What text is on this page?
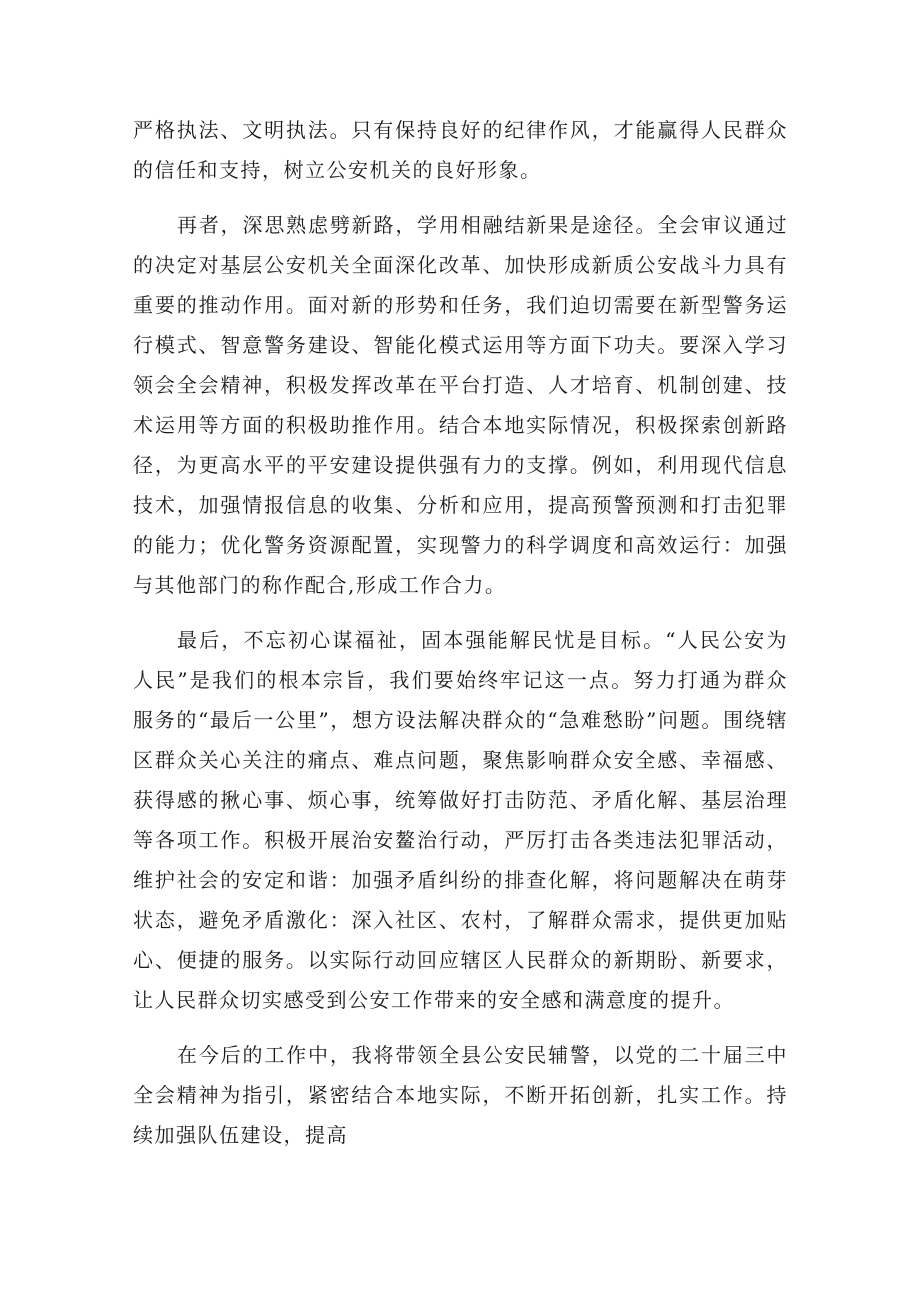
严格执法、文明执法。只有保持良好的纪律作风，才能赢得人民群众的信任和支持，树立公安机关的良好形象。

再者，深思熟虑劈新路，学用相融结新果是途径。全会审议通过的决定对基层公安机关全面深化改革、加快形成新质公安战斗力具有重要的推动作用。面对新的形势和任务，我们迫切需要在新型警务运行模式、智意警务建设、智能化模式运用等方面下功夫。要深入学习领会全会精神，积极发挥改革在平台打造、人才培育、机制创建、技术运用等方面的积极助推作用。结合本地实际情况，积极探索创新路径，为更高水平的平安建设提供强有力的支撑。例如，利用现代信息技术，加强情报信息的收集、分析和应用，提高预警预测和打击犯罪的能力；优化警务资源配置，实现警力的科学调度和高效运行：加强与其他部门的称作配合,形成工作合力。

最后，不忘初心谋福祉，固本强能解民忧是目标。“人民公安为人民”是我们的根本宗旨，我们要始终牢记这一点。努力打通为群众服务的“最后一公里”，想方设法解决群众的“急难愁盼”问题。围绕辖区群众关心关注的痛点、难点问题，聚焦影响群众安全感、幸福感、获得感的揪心事、烦心事，统筹做好打击防范、矛盾化解、基层治理等各项工作。积极开展治安鳌治行动，严厉打击各类违法犯罪活动，维护社会的安定和谐：加强矛盾纠纷的排查化解，将问题解决在萌芽状态，避免矛盾激化：深入社区、农村，了解群众需求，提供更加贴心、便捷的服务。以实际行动回应辖区人民群众的新期盼、新要求，让人民群众切实感受到公安工作带来的安全感和满意度的提升。

在今后的工作中，我将带领全县公安民辅警，以党的二十届三中全会精神为指引，紧密结合本地实际，不断开拓创新，扎实工作。持续加强队伍建设，提高
